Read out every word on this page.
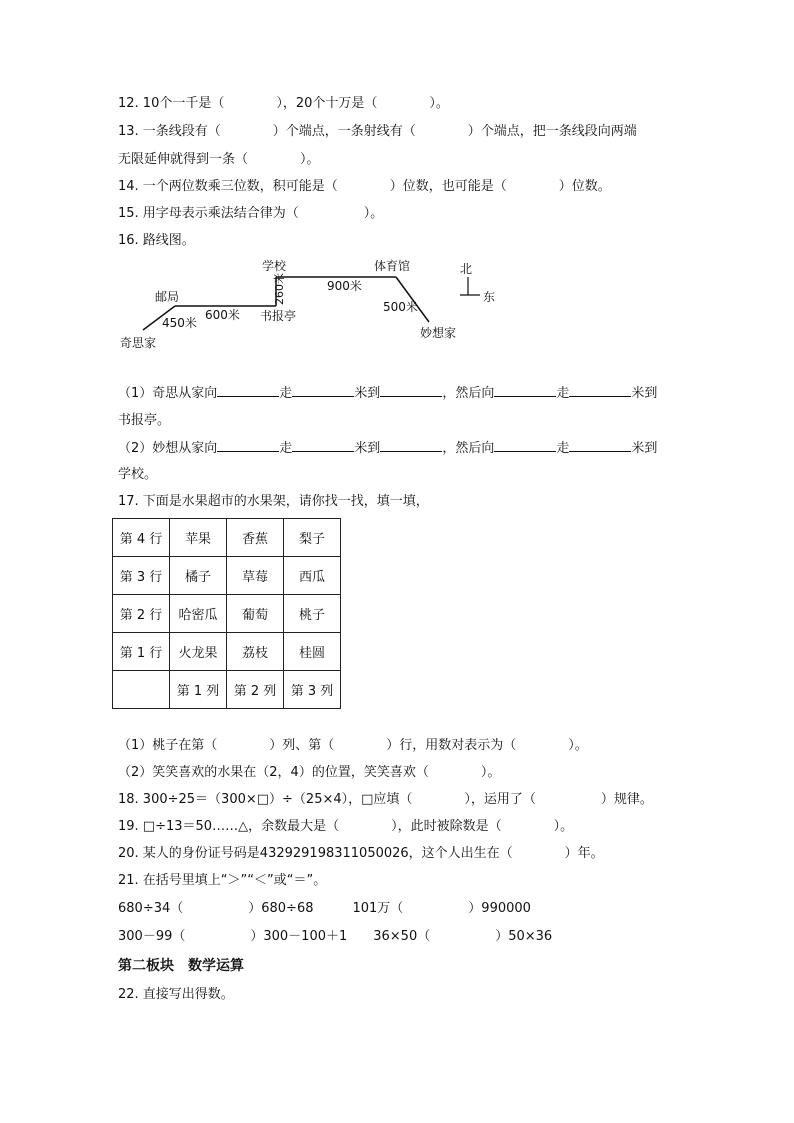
12. 10个一千是（　　　　），20个十万是（　　　　）。
13. 一条线段有（　　　　）个端点，一条射线有（　　　　）个端点，把一条线段向两端
无限延伸就得到一条（　　　　）。
14. 一个两位数乘三位数，积可能是（　　　　）位数，也可能是（　　　　）位数。
15. 用字母表示乘法结合律为（　　　　　）。
16. 路线图。
奇思家
邮局
450米
600米
学校
260米
书报亭
900米
体育馆
500米
妙想家
北
东
（1）奇思从家向	走	米到	，然后向	走	米到
书报亭。
（2）妙想从家向	走	米到	，然后向	走	米到
学校。
17. 下面是水果超市的水果架，请你找一找，填一填，
第 4 行	苹果	香蕉	梨子
第 3 行	橘子	草莓	西瓜
第 2 行	哈密瓜	葡萄	桃子
第 1 行	火龙果	荔枝	桂圆
	第 1 列	第 2 列	第 3 列
（1）桃子在第（　　　　）列、第（　　　　）行，用数对表示为（　　　　）。
（2）笑笑喜欢的水果在（2，4）的位置，笑笑喜欢（　　　　）。
18. 300÷25＝（300×□）÷（25×4），□应填（　　　　），运用了（　　　　　）规律。
19. □÷13＝50……△，余数最大是（　　　　），此时被除数是（　　　　）。
20. 某人的身份证号码是432929198311050026，这个人出生在（　　　　）年。
21. 在括号里填上“＞”“＜”或“＝”。
680÷34（　　　　　）680÷68　　　101万（　　　　　）990000
300－99（　　　　　）300－100＋1　　36×50（　　　　　）50×36
第二板块　数学运算
22. 直接写出得数。
